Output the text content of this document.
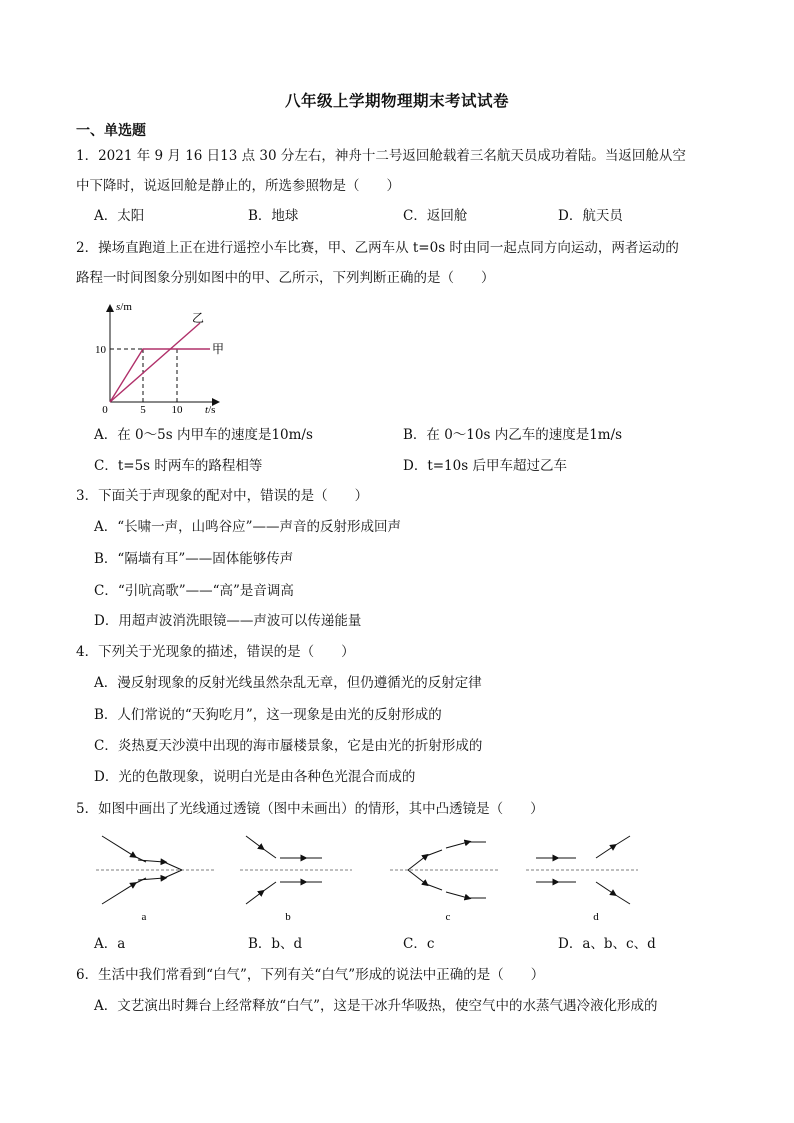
八年级上学期物理期末考试试卷
一、单选题
1．2021 年 9 月 16 日13 点 30 分左右，神舟十二号返回舱载着三名航天员成功着陆。当返回舱从空
中下降时，说返回舱是静止的，所选参照物是（　　）
A．太阳	B．地球	C．返回舱	D．航天员
2．操场直跑道上正在进行遥控小车比赛，甲、乙两车从 t=0s 时由同一起点同方向运动，两者运动的
路程一时间图象分别如图中的甲、乙所示，下列判断正确的是（　　）
s/m
t/s
0	5 10
10
乙
甲
A．在 0～5s 内甲车的速度是10m/s	B．在 0～10s 内乙车的速度是1m/s
C．t=5s 时两车的路程相等	D．t=10s 后甲车超过乙车
3．下面关于声现象的配对中，错误的是（　　）
A．“长啸一声，山鸣谷应”——声音的反射形成回声
B．“隔墙有耳”——固体能够传声
C．“引吭高歌”——“高”是音调高
D．用超声波消洗眼镜——声波可以传递能量
4．下列关于光现象的描述，错误的是（　　）
A．漫反射现象的反射光线虽然杂乱无章，但仍遵循光的反射定律
B．人们常说的“天狗吃月”，这一现象是由光的反射形成的
C．炎热夏天沙漠中出现的海市蜃楼景象，它是由光的折射形成的
D．光的色散现象，说明白光是由各种色光混合而成的
5．如图中画出了光线通过透镜（图中未画出）的情形，其中凸透镜是（　　）
a	b	c	d
A．a	B．b、d	C．c	D．a、b、c、d
6．生活中我们常看到“白气”，下列有关“白气”形成的说法中正确的是（　　）
A．文艺演出时舞台上经常释放“白气”，这是干冰升华吸热，使空气中的水蒸气遇冷液化形成的
